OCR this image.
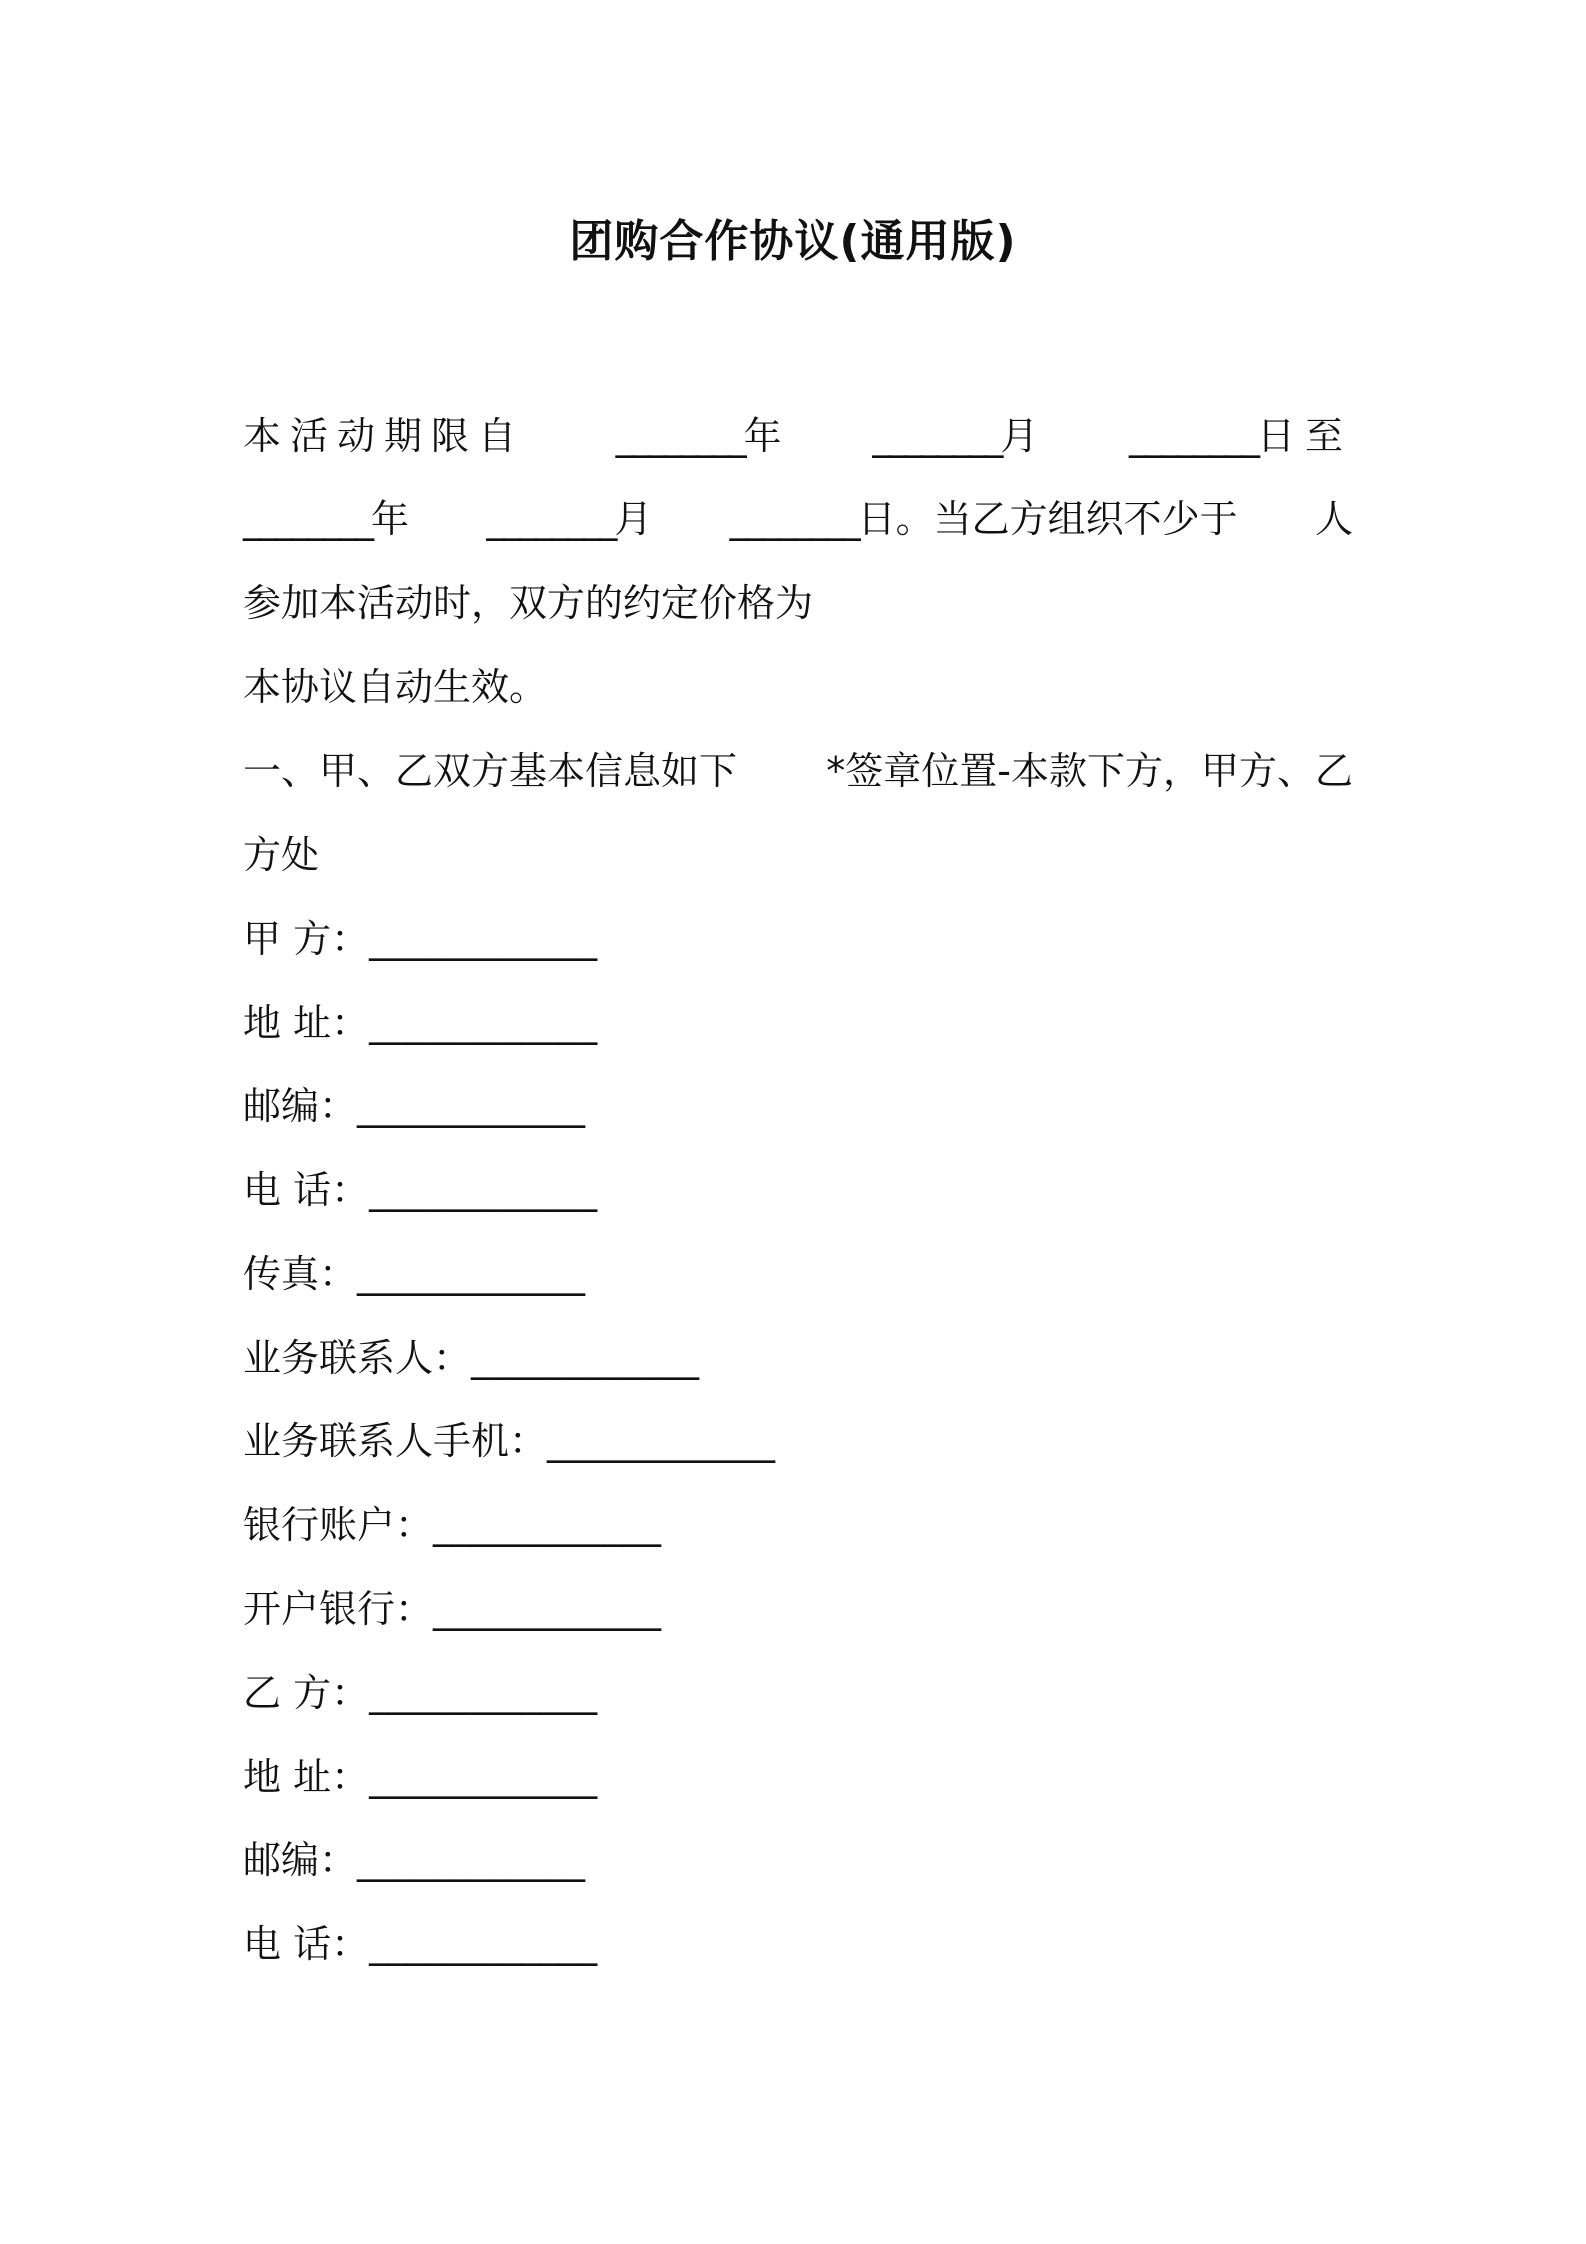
团购合作协议(通用版)
本活动期限自 ________年 ________月 ________日至
________年 ________月 ________日。当乙方组织不少于 人
参加本活动时，双方的约定价格为
本协议自动生效。
一、甲、乙双方基本信息如下 *签章位置-本款下方，甲方、乙
方处
甲 方：____________
地 址：____________
邮编：____________
电 话：____________
传真：____________
业务联系人：____________
业务联系人手机：____________
银行账户：____________
开户银行：____________
乙 方：____________
地 址：____________
邮编：____________
电 话：____________
